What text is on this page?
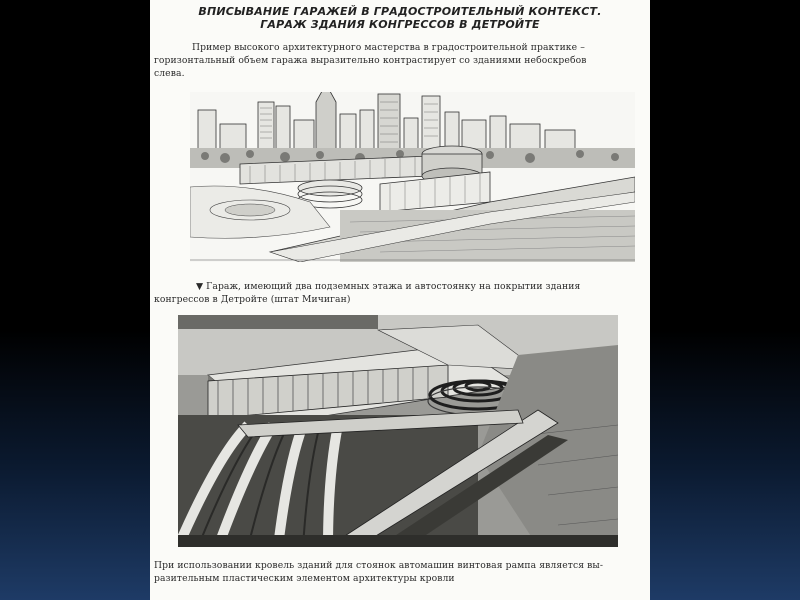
ВПИСЫВАНИЕ ГАРАЖЕЙ В ГРАДОСТРОИТЕЛЬНЫЙ КОНТЕКСТ.

ГАРАЖ ЗДАНИЯ КОНГРЕССОВ В ДЕТРОЙТЕ

Пример высокого архитектурного мастерства в градостроительной практике –

горизонтальный объем гаража выразительно контрастирует со зданиями небоскребов

слева.

▼ Гараж, имеющий два подземных этажа и автостоянку на покрытии здания

конгрессов в Детройте (штат Мичиган)

При использовании кровель зданий для стоянок автомашин винтовая рампа является вы-

разительным пластическим элементом архитектуры кровли
